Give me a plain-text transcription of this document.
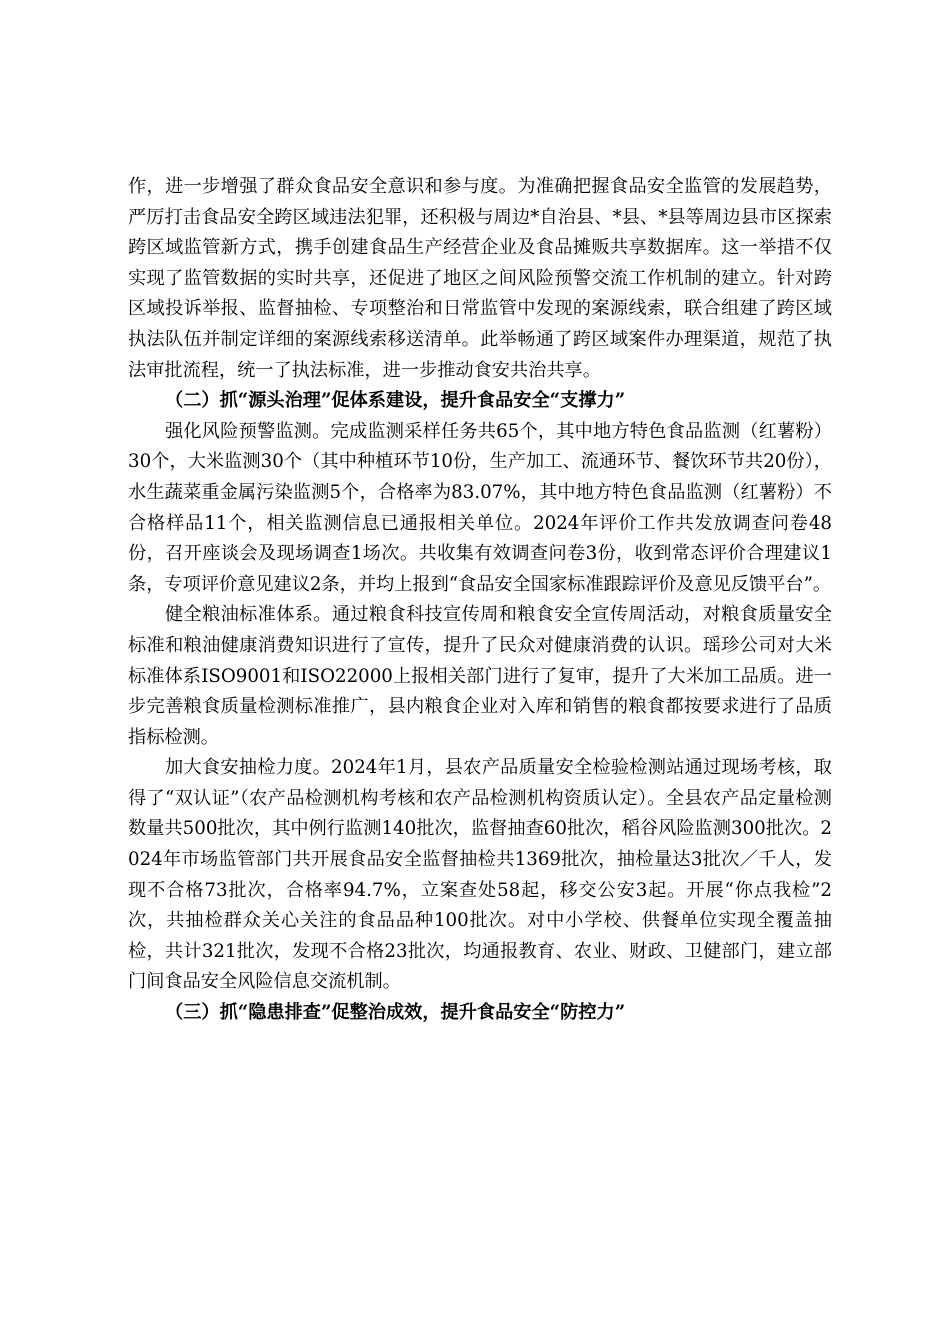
作，进一步增强了群众食品安全意识和参与度。为准确把握食品安全监管的发展趋势，严厉打击食品安全跨区域违法犯罪，还积极与周边*自治县、*县、*县等周边县市区探索跨区域监管新方式，携手创建食品生产经营企业及食品摊贩共享数据库。这一举措不仅实现了监管数据的实时共享，还促进了地区之间风险预警交流工作机制的建立。针对跨区域投诉举报、监督抽检、专项整治和日常监管中发现的案源线索，联合组建了跨区域执法队伍并制定详细的案源线索移送清单。此举畅通了跨区域案件办理渠道，规范了执法审批流程，统一了执法标准，进一步推动食安共治共享。

（二）抓“源头治理”促体系建设，提升食品安全“支撑力”

强化风险预警监测。完成监测采样任务共65个，其中地方特色食品监测（红薯粉）30个，大米监测30个（其中种植环节10份，生产加工、流通环节、餐饮环节共20份），水生蔬菜重金属污染监测5个，合格率为83.07%，其中地方特色食品监测（红薯粉）不合格样品11个，相关监测信息已通报相关单位。2024年评价工作共发放调查问卷48份，召开座谈会及现场调查1场次。共收集有效调查问卷3份，收到常态评价合理建议1条，专项评价意见建议2条，并均上报到“食品安全国家标准跟踪评价及意见反馈平台”。

健全粮油标准体系。通过粮食科技宣传周和粮食安全宣传周活动，对粮食质量安全标准和粮油健康消费知识进行了宣传，提升了民众对健康消费的认识。瑶珍公司对大米标准体系ISO9001和ISO22000上报相关部门进行了复审，提升了大米加工品质。进一步完善粮食质量检测标准推广，县内粮食企业对入库和销售的粮食都按要求进行了品质指标检测。

加大食安抽检力度。2024年1月，县农产品质量安全检验检测站通过现场考核，取得了“双认证”（农产品检测机构考核和农产品检测机构资质认定）。全县农产品定量检测数量共500批次，其中例行监测140批次，监督抽查60批次，稻谷风险监测300批次。2024年市场监管部门共开展食品安全监督抽检共1369批次，抽检量达3批次／千人，发现不合格73批次，合格率94.7%，立案查处58起，移交公安3起。开展“你点我检”2次，共抽检群众关心关注的食品品种100批次。对中小学校、供餐单位实现全覆盖抽检，共计321批次，发现不合格23批次，均通报教育、农业、财政、卫健部门，建立部门间食品安全风险信息交流机制。

（三）抓“隐患排查”促整治成效，提升食品安全“防控力”
